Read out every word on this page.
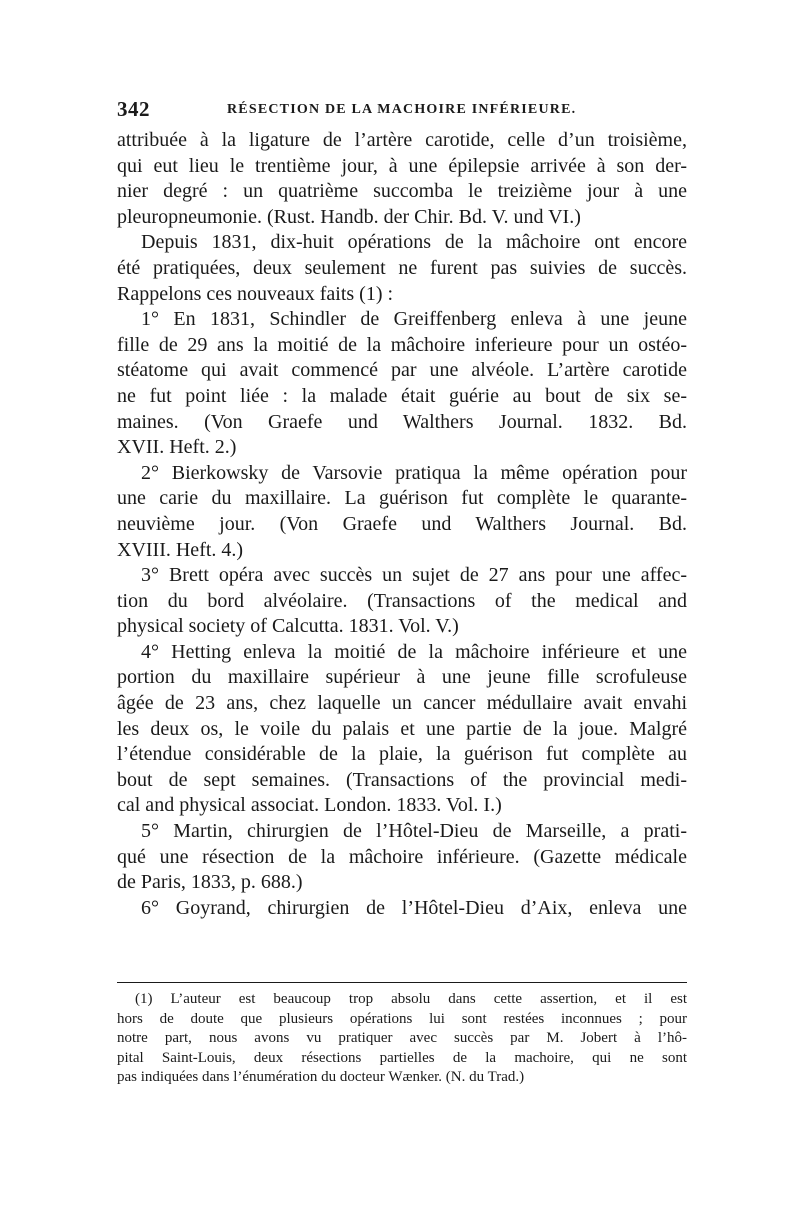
342	RÉSECTION DE LA MACHOIRE INFÉRIEURE.
attribuée à la ligature de l’artère carotide, celle d’un troisième,
qui eut lieu le trentième jour, à une épilepsie arrivée à son der-
nier degré : un quatrième succomba le treizième jour à une
pleuropneumonie. (Rust. Handb. der Chir. Bd. V. und VI.)
Depuis 1831, dix-huit opérations de la mâchoire ont encore
été pratiquées, deux seulement ne furent pas suivies de succès.
Rappelons ces nouveaux faits (1) :
1° En 1831, Schindler de Greiffenberg enleva à une jeune
fille de 29 ans la moitié de la mâchoire inferieure pour un ostéo-
stéatome qui avait commencé par une alvéole. L’artère carotide
ne fut point liée : la malade était guérie au bout de six se-
maines. (Von Graefe und Walthers Journal. 1832. Bd.
XVII. Heft. 2.)
2° Bierkowsky de Varsovie pratiqua la même opération pour
une carie du maxillaire. La guérison fut complète le quarante-
neuvième jour. (Von Graefe und Walthers Journal. Bd.
XVIII. Heft. 4.)
3° Brett opéra avec succès un sujet de 27 ans pour une affec-
tion du bord alvéolaire. (Transactions of the medical and
physical society of Calcutta. 1831. Vol. V.)
4° Hetting enleva la moitié de la mâchoire inférieure et une
portion du maxillaire supérieur à une jeune fille scrofuleuse
âgée de 23 ans, chez laquelle un cancer médullaire avait envahi
les deux os, le voile du palais et une partie de la joue. Malgré
l’étendue considérable de la plaie, la guérison fut complète au
bout de sept semaines. (Transactions of the provincial medi-
cal and physical associat. London. 1833. Vol. I.)
5° Martin, chirurgien de l’Hôtel-Dieu de Marseille, a prati-
qué une résection de la mâchoire inférieure. (Gazette médicale
de Paris, 1833, p. 688.)
6° Goyrand, chirurgien de l’Hôtel-Dieu d’Aix, enleva une
(1) L’auteur est beaucoup trop absolu dans cette assertion, et il est
hors de doute que plusieurs opérations lui sont restées inconnues ; pour
notre part, nous avons vu pratiquer avec succès par M. Jobert à l’hô-
pital Saint-Louis, deux résections partielles de la machoire, qui ne sont
pas indiquées dans l’énumération du docteur Wænker. (N. du Trad.)
